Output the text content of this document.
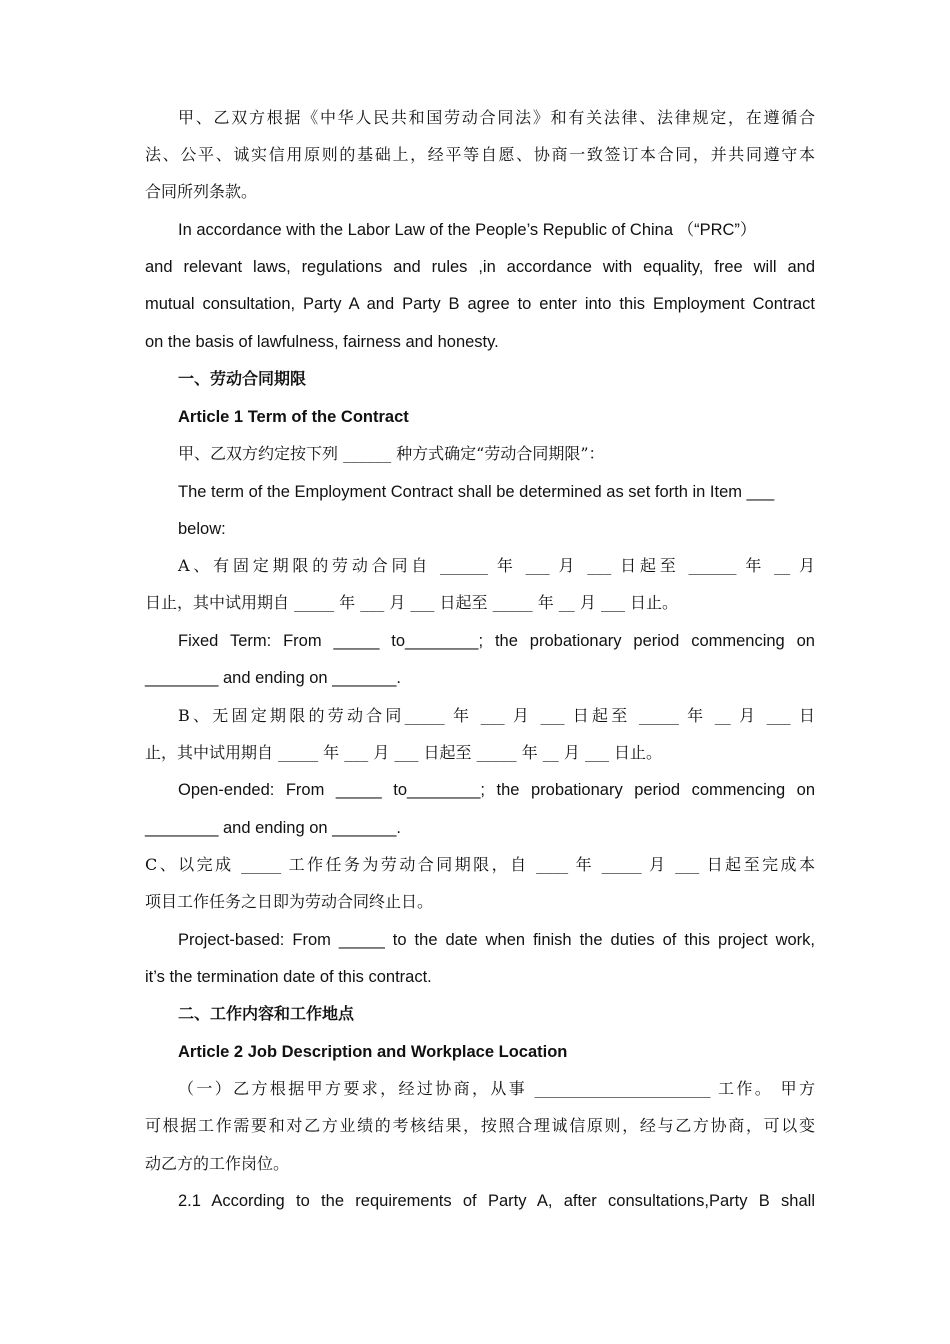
甲、乙双方根据《中华人民共和国劳动合同法》和有关法律、法律规定，在遵循合
法、公平、诚实信用原则的基础上，经平等自愿、协商一致签订本合同，并共同遵守本
合同所列条款。
In accordance with the Labor Law of the People’s Republic of China （“PRC”）
and relevant laws, regulations and rules ,in accordance with equality, free will and
mutual consultation, Party A and Party B agree to enter into this Employment Contract
on the basis of lawfulness, fairness and honesty.
一、劳动合同期限
Article 1 Term of the Contract
甲、乙双方约定按下列 ______ 种方式确定“劳动合同期限”：
The term of the Employment Contract shall be determined as set forth in Item ___
below:
A、有固定期限的劳动合同自 ______ 年 ___ 月 ___ 日起至 ______ 年 __ 月
日止，其中试用期自 _____ 年 ___ 月 ___ 日起至 _____ 年 __ 月 ___ 日止。
Fixed Term: From _____ to________; the probationary period commencing on
________ and ending on _______.
B、无固定期限的劳动合同_____ 年 ___ 月 ___ 日起至 _____ 年 __ 月 ___ 日
止，其中试用期自 _____ 年 ___ 月 ___ 日起至 _____ 年 __ 月 ___ 日止。
Open-ended: From _____ to________; the probationary period commencing on
________ and ending on _______.
C、以完成 _____ 工作任务为劳动合同期限，自 ____ 年 _____ 月 ___ 日起至完成本
项目工作任务之日即为劳动合同终止日。
Project-based: From _____ to the date when finish the duties of this project work,
it’s the termination date of this contract.
二、工作内容和工作地点
Article 2 Job Description and Workplace Location
（一）乙方根据甲方要求，经过协商，从事 ______________________ 工作。 甲方
可根据工作需要和对乙方业绩的考核结果，按照合理诚信原则，经与乙方协商，可以变
动乙方的工作岗位。
2.1 According to the requirements of Party A, after consultations,Party B shall
